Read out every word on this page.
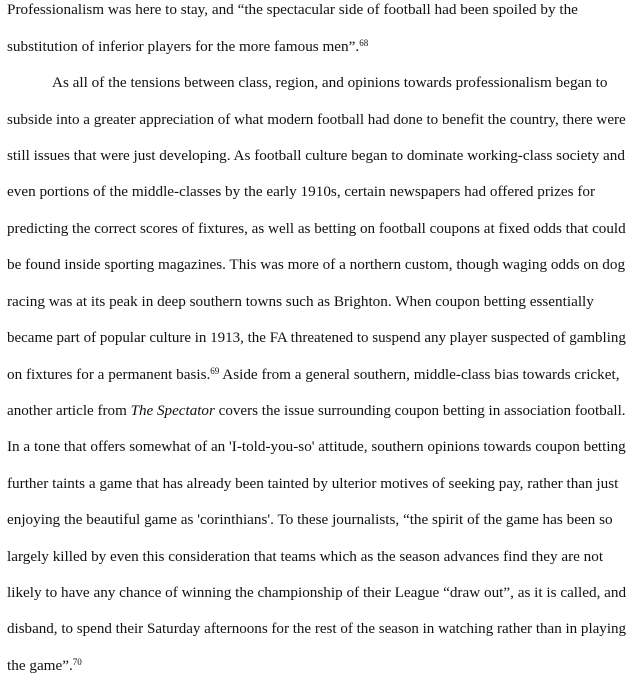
Professionalism was here to stay, and “the spectacular side of football had been spoiled by the
substitution of inferior players for the more famous men”.$^{68}$
As all of the tensions between class, region, and opinions towards professionalism began to
subside into a greater appreciation of what modern football had done to benefit the country, there were
still issues that were just developing. As football culture began to dominate working-class society and
even portions of the middle-classes by the early 1910s, certain newspapers had offered prizes for
predicting the correct scores of fixtures, as well as betting on football coupons at fixed odds that could
be found inside sporting magazines. This was more of a northern custom, though waging odds on dog
racing was at its peak in deep southern towns such as Brighton. When coupon betting essentially
became part of popular culture in 1913, the FA threatened to suspend any player suspected of gambling
on fixtures for a permanent basis.$^{69}$ Aside from a general southern, middle-class bias towards cricket,
another article from The Spectator covers the issue surrounding coupon betting in association football.
In a tone that offers somewhat of an 'I-told-you-so' attitude, southern opinions towards coupon betting
further taints a game that has already been tainted by ulterior motives of seeking pay, rather than just
enjoying the beautiful game as 'corinthians'. To these journalists, “the spirit of the game has been so
largely killed by even this consideration that teams which as the season advances find they are not
likely to have any chance of winning the championship of their League “draw out”, as it is called, and
disband, to spend their Saturday afternoons for the rest of the season in watching rather than in playing
the game”.$^{70}$
